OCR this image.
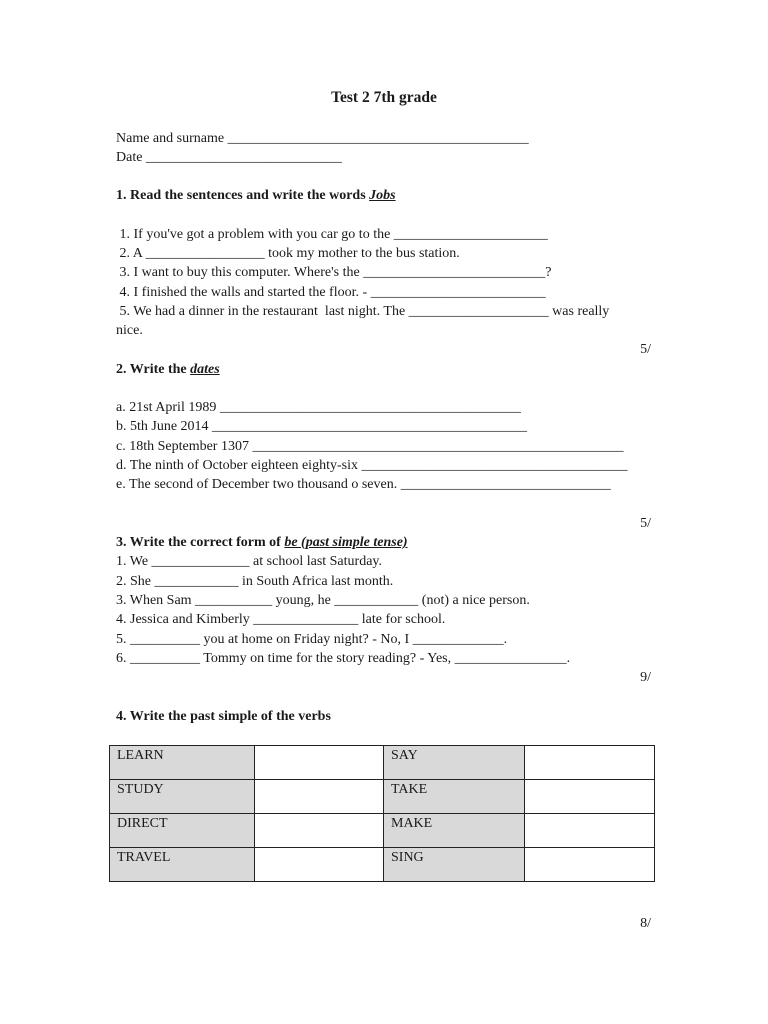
Test 2 7th grade
Name and surname ___________________________________________
Date ____________________________
1. Read the sentences and write the words Jobs
1. If you've got a problem with you car go to the ______________________
2. A _________________ took my mother to the bus station.
3. I want to buy this computer. Where's the __________________________?
4. I finished the walls and started the floor. - _________________________
5. We had a dinner in the restaurant  last night. The ____________________ was really
nice.
5/
2. Write the dates
a. 21st April 1989 ___________________________________________
b. 5th June 2014 _____________________________________________
c. 18th September 1307 _____________________________________________________
d. The ninth of October eighteen eighty-six ______________________________________
e. The second of December two thousand o seven. ______________________________
5/
3. Write the correct form of be (past simple tense)
1. We ______________ at school last Saturday.
2. She ____________ in South Africa last month.
3. When Sam ___________ young, he ____________ (not) a nice person.
4. Jessica and Kimberly _______________ late for school.
5. __________ you at home on Friday night? - No, I _____________.
6. __________ Tommy on time for the story reading? - Yes, ________________.
9/
4. Write the past simple of the verbs
LEARN		SAY	
STUDY		TAKE	
DIRECT		MAKE	
TRAVEL		SING	
8/
